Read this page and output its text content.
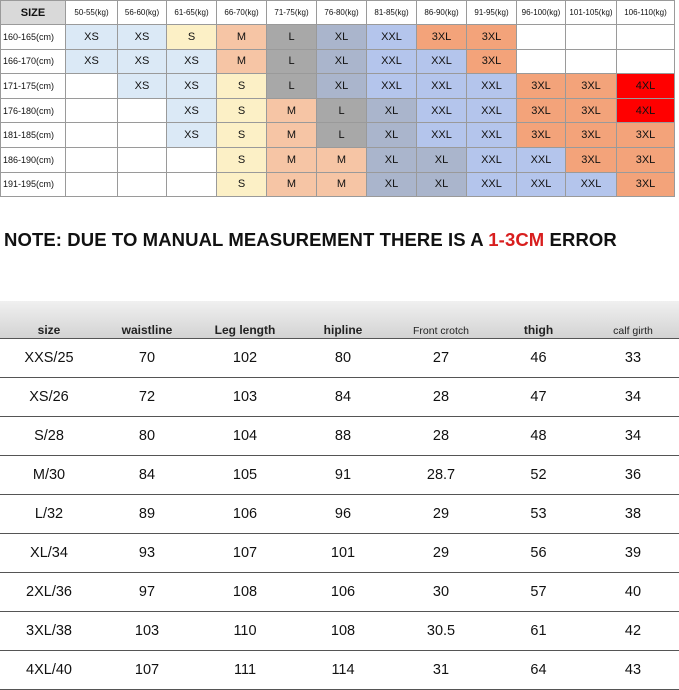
SIZE	50-55(kg)	56-60(kg)	61-65(kg)	66-70(kg)	71-75(kg)	76-80(kg)	81-85(kg)	86-90(kg)	91-95(kg)	96-100(kg)	101-105(kg)	106-110(kg)
160-165(cm)	XS	XS	S	M	L	XL	XXL	3XL	3XL			
166-170(cm)	XS	XS	XS	M	L	XL	XXL	XXL	3XL			
171-175(cm)		XS	XS	S	L	XL	XXL	XXL	XXL	3XL	3XL	4XL
176-180(cm)			XS	S	M	L	XL	XXL	XXL	3XL	3XL	4XL
181-185(cm)			XS	S	M	L	XL	XXL	XXL	3XL	3XL	3XL
186-190(cm)				S	M	M	XL	XL	XXL	XXL	3XL	3XL
191-195(cm)				S	M	M	XL	XL	XXL	XXL	XXL	3XL
NOTE: DUE TO MANUAL MEASUREMENT THERE IS A 1-3CM ERROR
size	waistline	Leg length	hipline	Front crotch	thigh	calf girth
XXS/25	70	102	80	27	46	33
XS/26	72	103	84	28	47	34
S/28	80	104	88	28	48	34
M/30	84	105	91	28.7	52	36
L/32	89	106	96	29	53	38
XL/34	93	107	101	29	56	39
2XL/36	97	108	106	30	57	40
3XL/38	103	110	108	30.5	61	42
4XL/40	107	111	114	31	64	43
